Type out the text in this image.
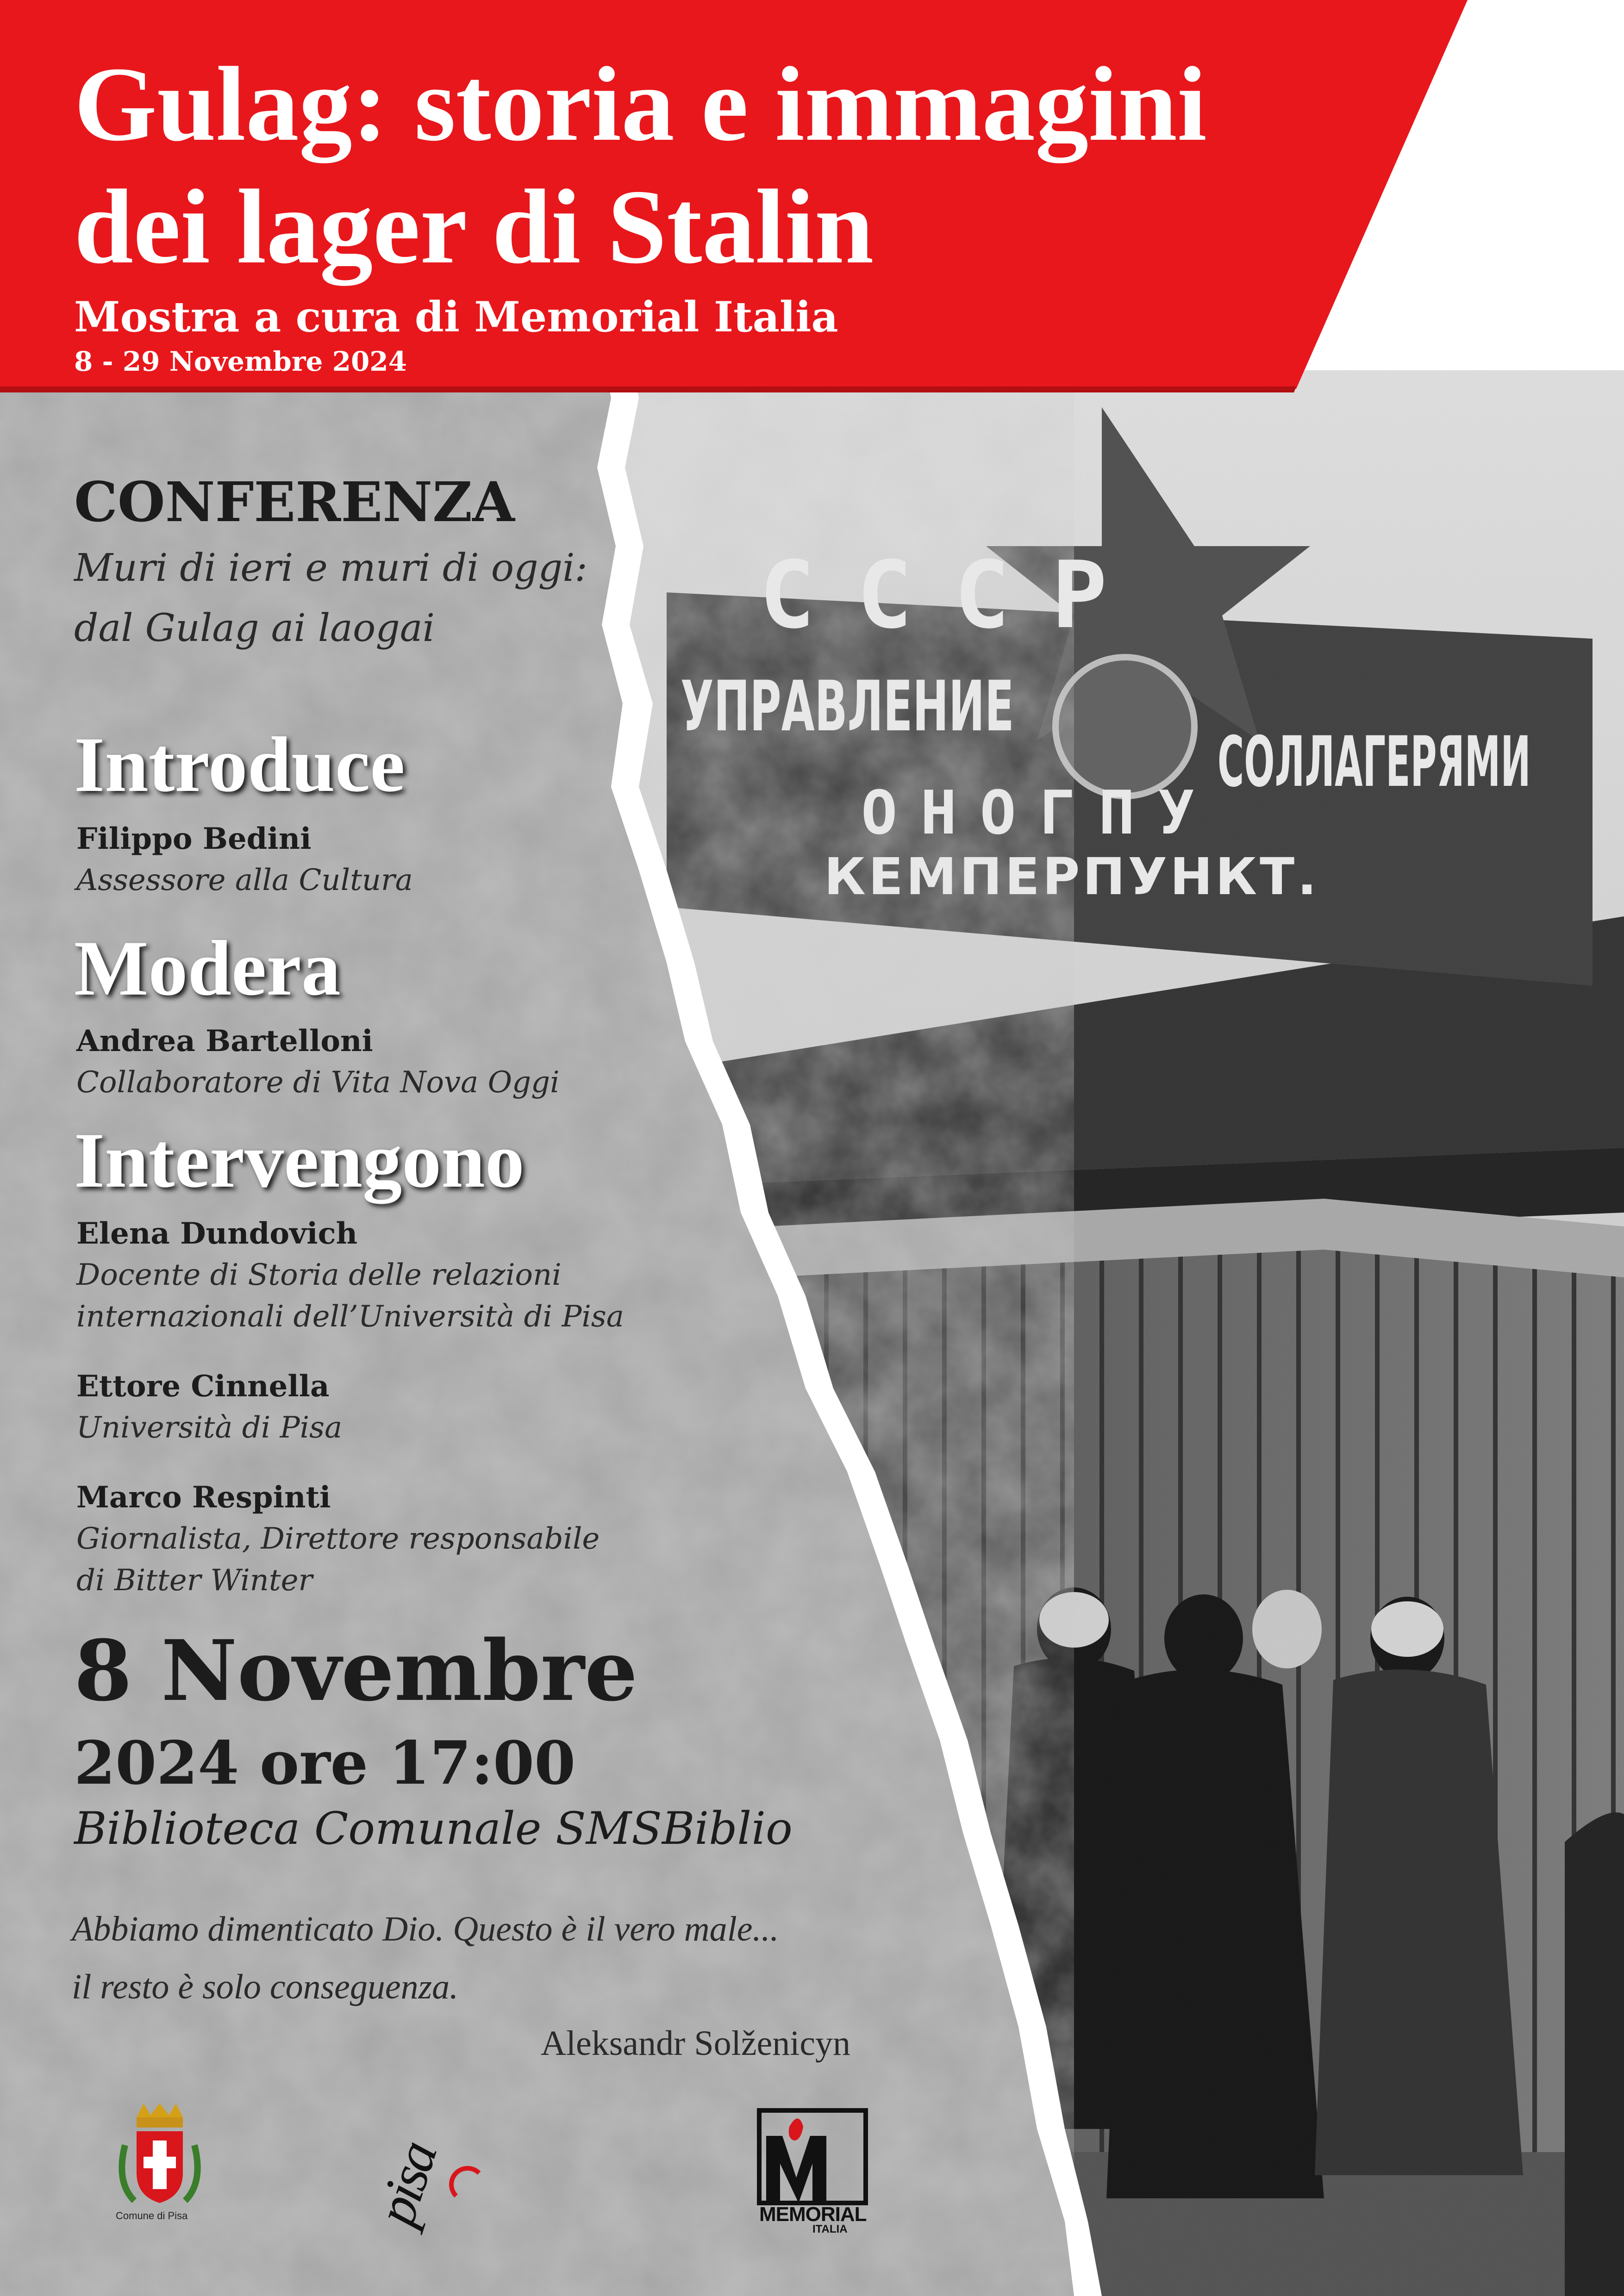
СССР
УПРАВЛЕНИЕ
СОЛЛАГЕРЯМИ
ОНОГПУ
КЕМПЕРПУНКТ.
Gulag: storia e immagini
dei lager di Stalin
Mostra a cura di Memorial Italia
8 - 29 Novembre 2024
CONFERENZA
Muri di ieri e muri di oggi:
dal Gulag ai laogai
Introduce
Filippo Bedini
Assessore alla Cultura
Modera
Andrea Bartelloni
Collaboratore di Vita Nova Oggi
Intervengono
Elena Dundovich
Docente di Storia delle relazioni
internazionali dell’Università di Pisa
Ettore Cinnella
Università di Pisa
Marco Respinti
Giornalista, Direttore responsabile
di Bitter Winter
8 Novembre
2024 ore 17:00
Biblioteca Comunale SMSBiblio
Abbiamo dimenticato Dio. Questo è il vero male...
il resto è solo conseguenza.
Aleksandr Solženicyn
Comune di Pisa	pisa	MEMORIAL
ITALIA
